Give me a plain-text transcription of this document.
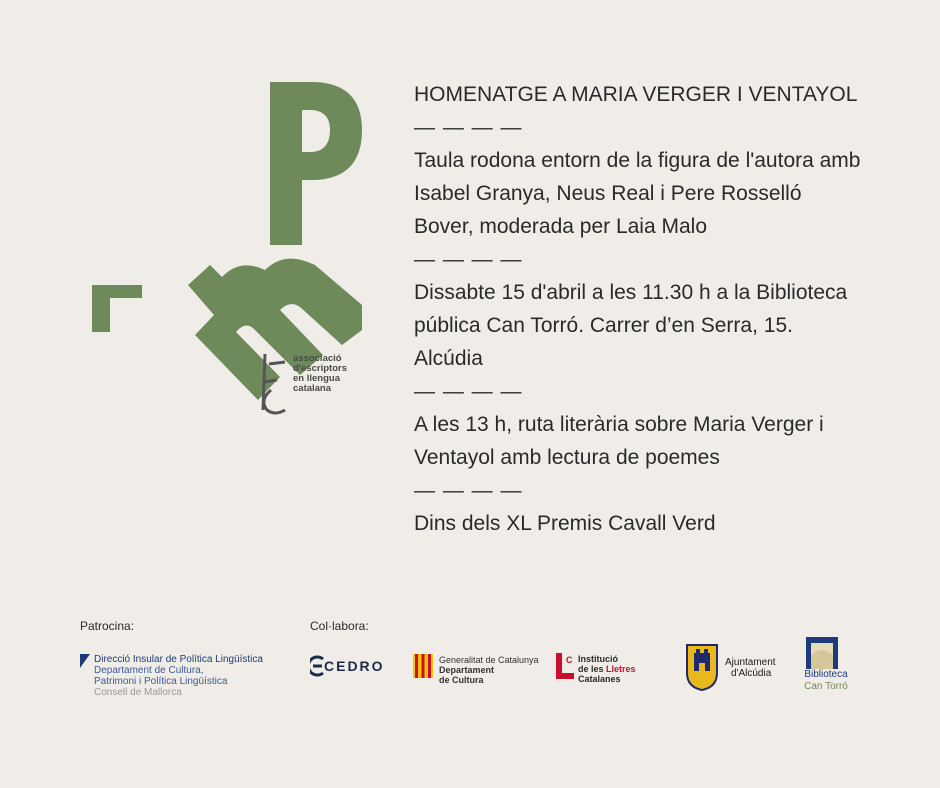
associació
d'escriptors
en llengua
catalana

HOMENATGE A MARIA VERGER I VENTAYOL

— — — —

Taula rodona entorn de la figura de l'autora amb Isabel Granya, Neus Real i Pere Rosselló Bover, moderada per Laia Malo

— — — —

Dissabte 15 d'abril a les 11.30 h a la Biblioteca pública Can Torró. Carrer d’en Serra, 15. Alcúdia

— — — —

A les 13 h, ruta literària sobre Maria Verger i Ventayol amb lectura de poemes

— — — —

Dins dels XL Premis Cavall Verd

Patrocina:	Col·labora:
Direcció Insular de Política Lingüística
Departament de Cultura,
Patrimoni i Política Lingüística
Consell de Mallorca
CEDRO	Generalitat de Catalunya
Departament
de Cultura
C Institució
de les Lletres
Catalanes
Ajuntament
d'Alcúdia	Biblioteca
Can Torró
